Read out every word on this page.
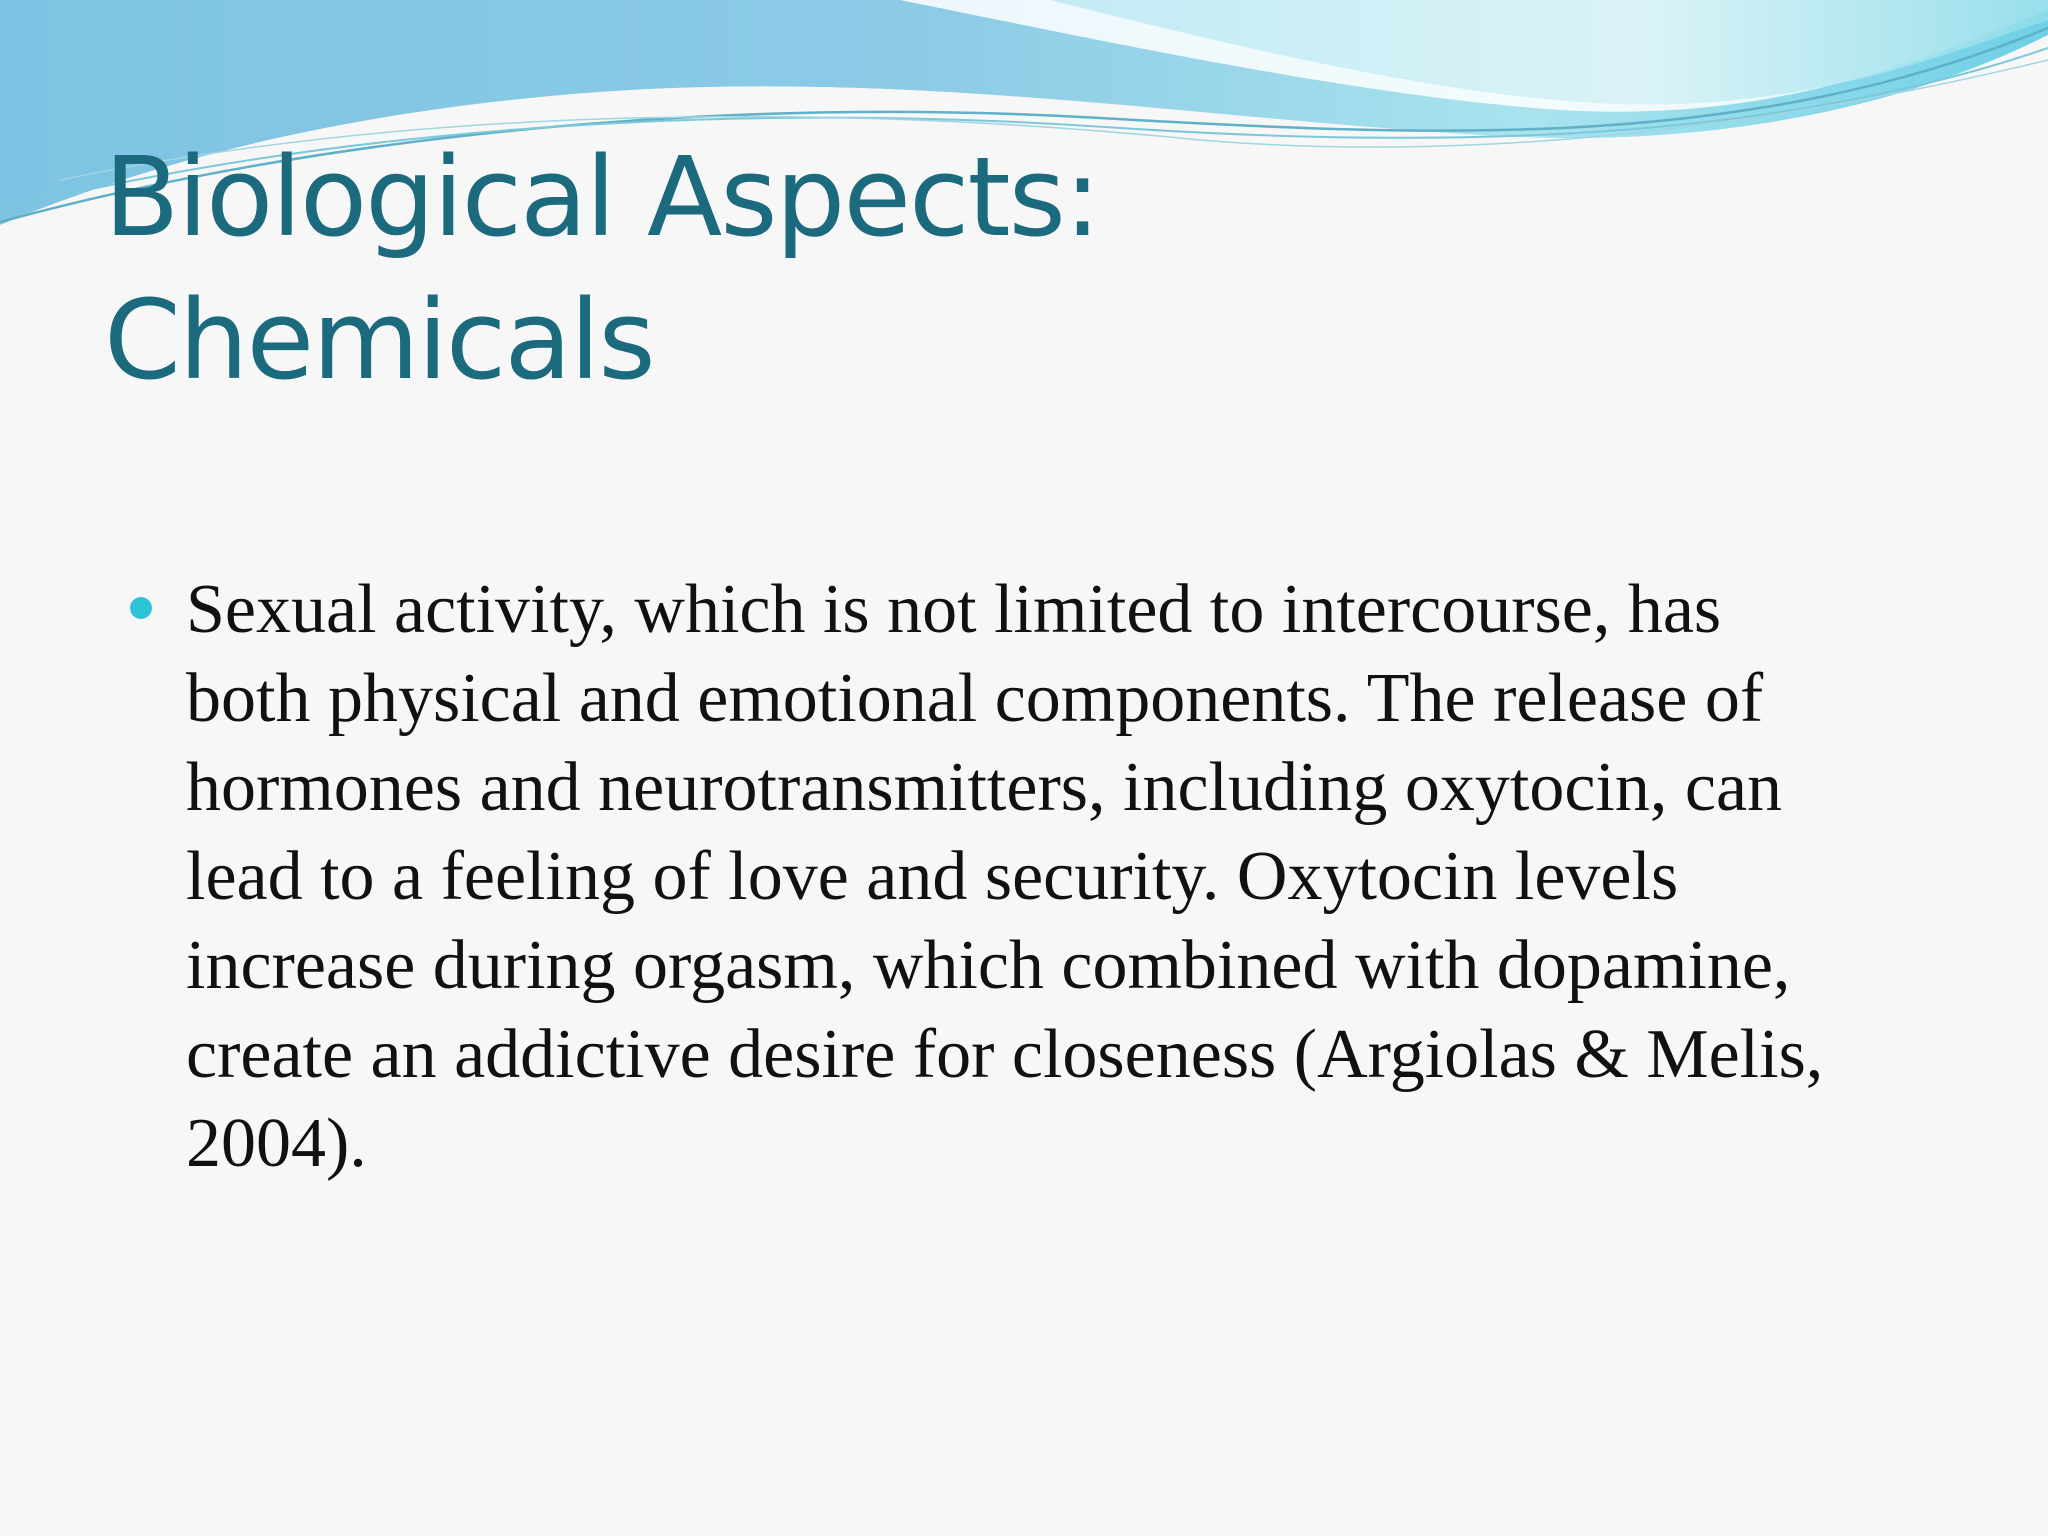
Biological Aspects:
Chemicals

Sexual activity, which is not limited to intercourse, has
both physical and emotional components. The release of
hormones and neurotransmitters, including oxytocin, can
lead to a feeling of love and security. Oxytocin levels
increase during orgasm, which combined with dopamine,
create an addictive desire for closeness (Argiolas & Melis,
2004).
